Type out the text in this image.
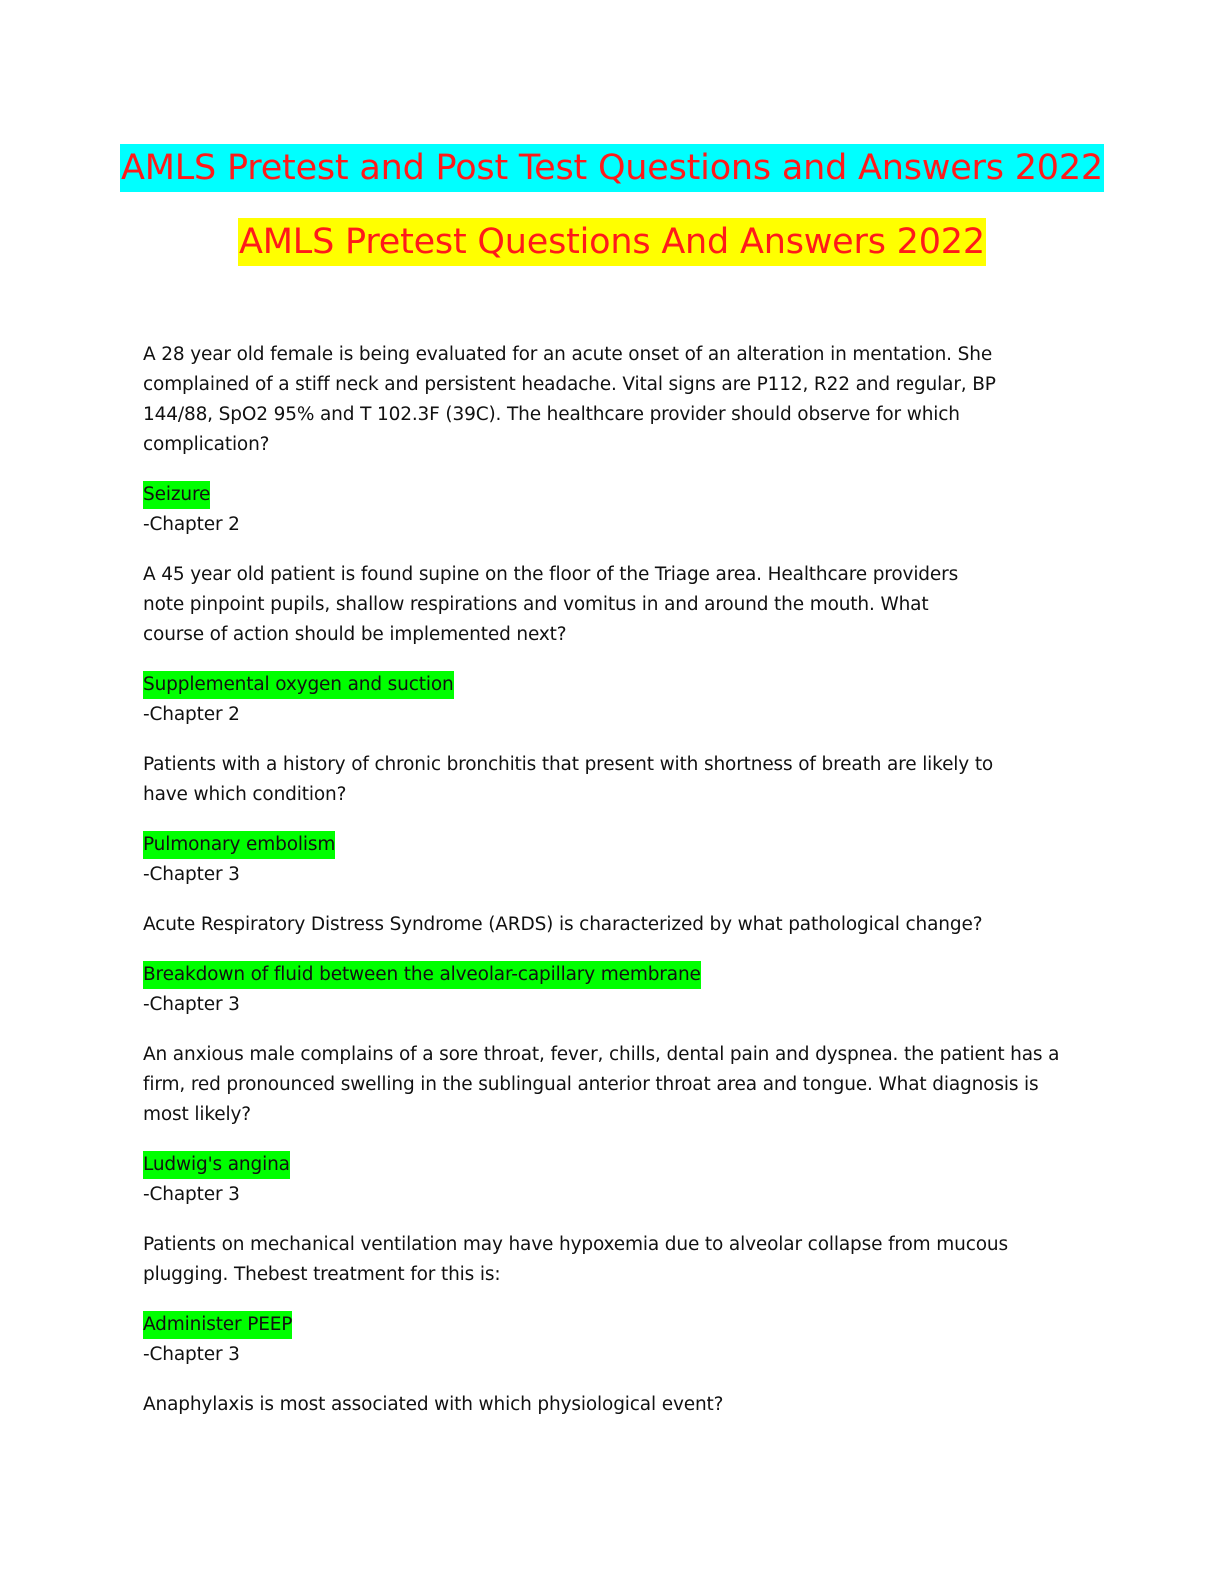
AMLS Pretest and Post Test Questions and Answers 2022
AMLS Pretest Questions And Answers 2022
A 28 year old female is being evaluated for an acute onset of an alteration in mentation. She complained of a stiff neck and persistent headache. Vital signs are P112, R22 and regular, BP 144/88, SpO2 95% and T 102.3F (39C). The healthcare provider should observe for which complication?
Seizure
-Chapter 2
A 45 year old patient is found supine on the floor of the Triage area. Healthcare providers note pinpoint pupils, shallow respirations and vomitus in and around the mouth. What course of action should be implemented next?
Supplemental oxygen and suction
-Chapter 2
Patients with a history of chronic bronchitis that present with shortness of breath are likely to have which condition?
Pulmonary embolism
-Chapter 3
Acute Respiratory Distress Syndrome (ARDS) is characterized by what pathological change?
Breakdown of fluid between the alveolar-capillary membrane
-Chapter 3
An anxious male complains of a sore throat, fever, chills, dental pain and dyspnea. the patient has a firm, red pronounced swelling in the sublingual anterior throat area and tongue. What diagnosis is most likely?
Ludwig's angina
-Chapter 3
Patients on mechanical ventilation may have hypoxemia due to alveolar collapse from mucous plugging. Thebest treatment for this is:
Administer PEEP
-Chapter 3
Anaphylaxis is most associated with which physiological event?
